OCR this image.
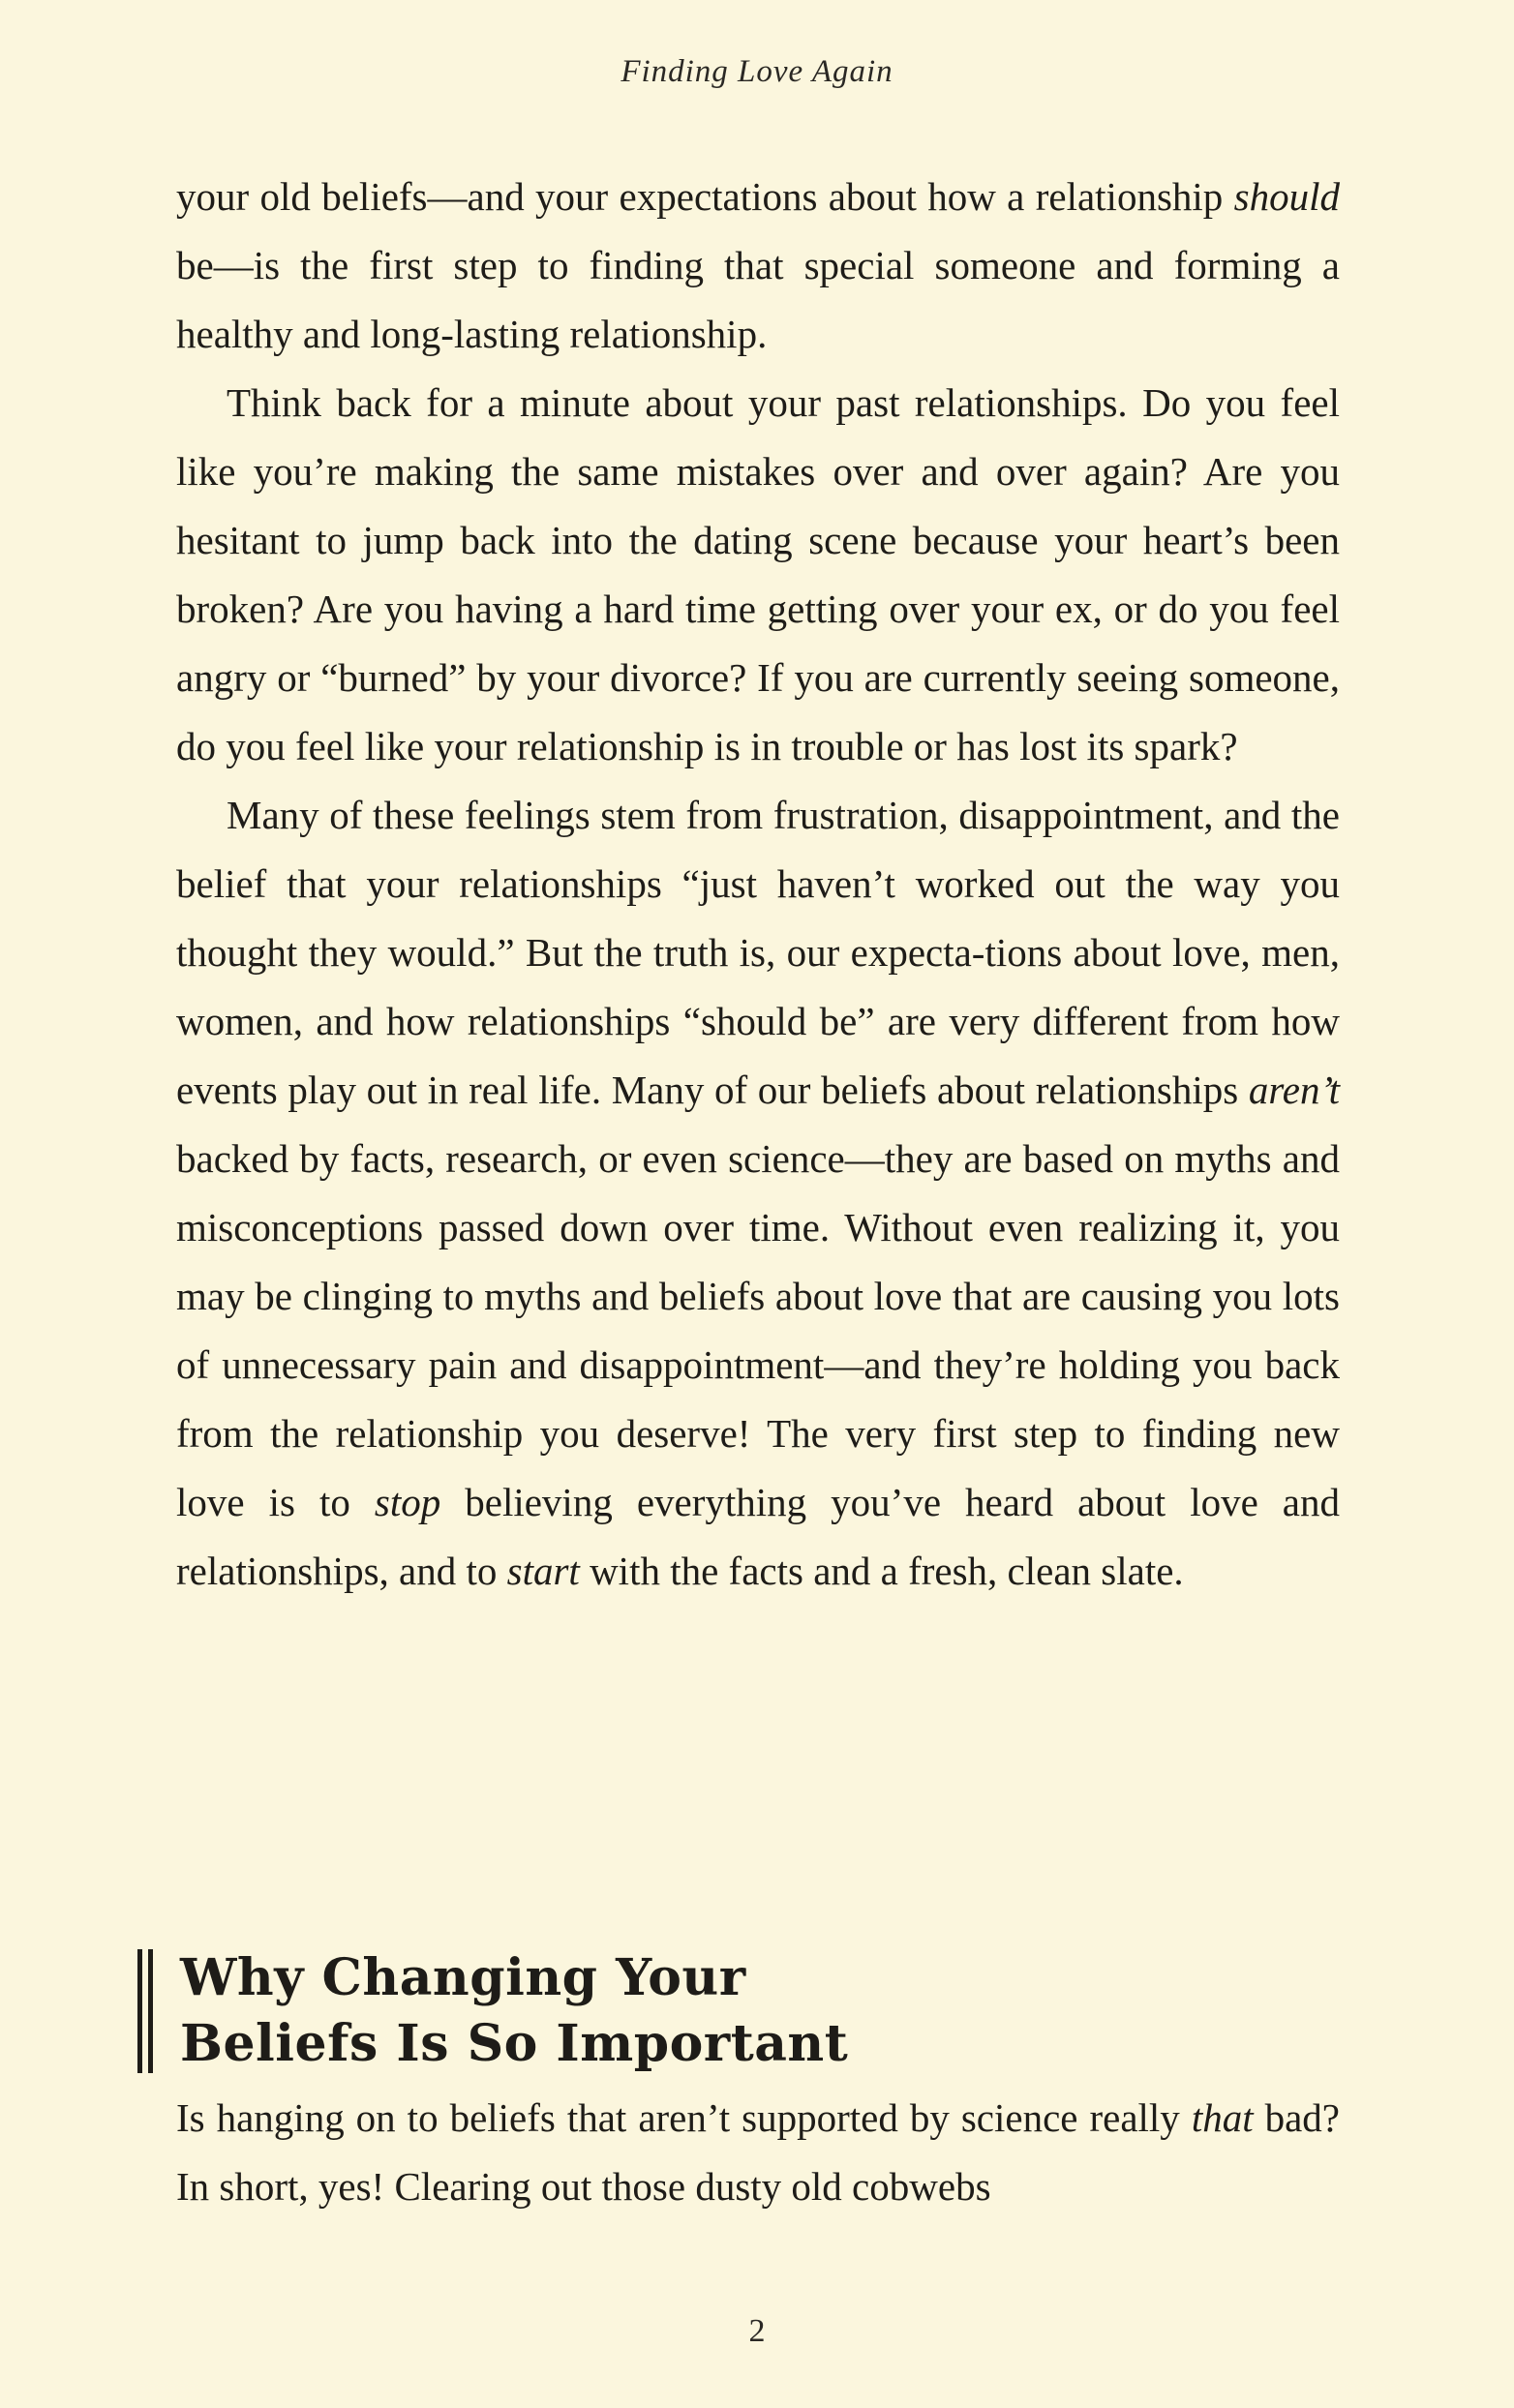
Finding Love Again

your old beliefs—and your expectations about how a relationship should be—is the first step to finding that special someone and forming a healthy and long-lasting relationship.

Think back for a minute about your past relationships. Do you feel like you’re making the same mistakes over and over again? Are you hesitant to jump back into the dating scene because your heart’s been broken? Are you having a hard time getting over your ex, or do you feel angry or “burned” by your divorce? If you are currently seeing someone, do you feel like your relationship is in trouble or has lost its spark?

Many of these feelings stem from frustration, disappointment, and the belief that your relationships “just haven’t worked out the way you thought they would.” But the truth is, our expecta-tions about love, men, women, and how relationships “should be” are very different from how events play out in real life. Many of our beliefs about relationships aren’t backed by facts, research, or even science—they are based on myths and misconceptions passed down over time. Without even realizing it, you may be clinging to myths and beliefs about love that are causing you lots of unnecessary pain and disappointment—and they’re holding you back from the relationship you deserve! The very first step to finding new love is to stop believing everything you’ve heard about love and relationships, and to start with the facts and a fresh, clean slate.

Why Changing Your
Beliefs Is So Important

Is hanging on to beliefs that aren’t supported by science really that bad? In short, yes! Clearing out those dusty old cobwebs

2
